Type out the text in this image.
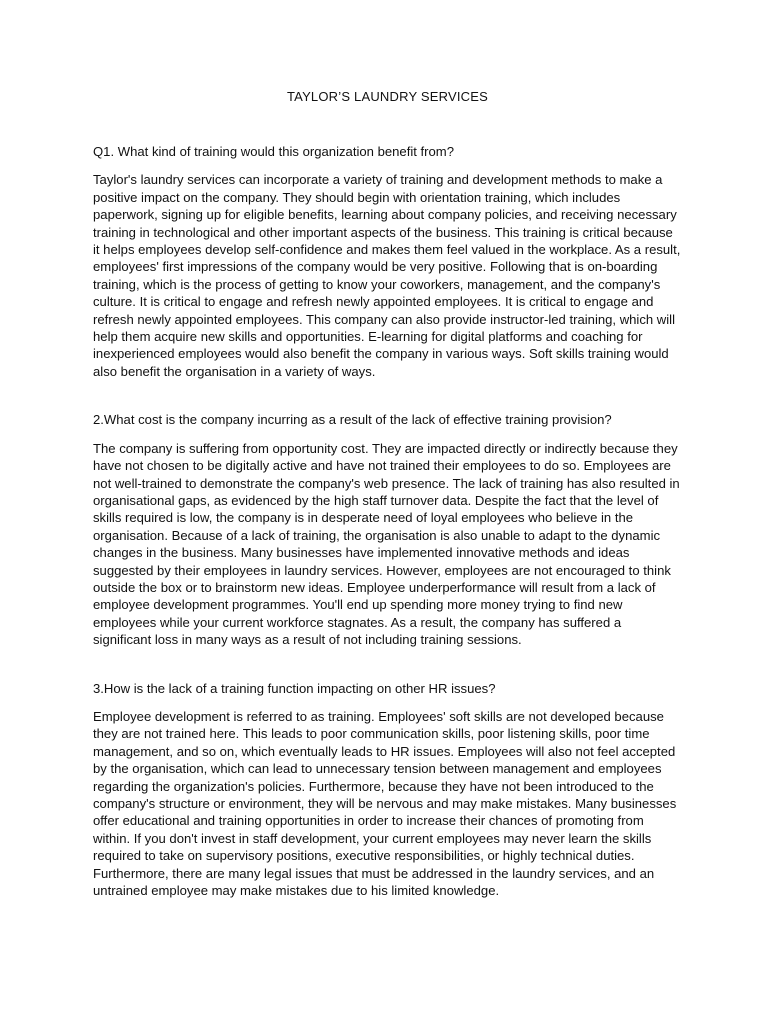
TAYLOR’S LAUNDRY SERVICES

Q1. What kind of training would this organization benefit from?

Taylor's laundry services can incorporate a variety of training and development methods to make a positive impact on the company. They should begin with orientation training, which includes paperwork, signing up for eligible benefits, learning about company policies, and receiving necessary training in technological and other important aspects of the business. This training is critical because it helps employees develop self-confidence and makes them feel valued in the workplace. As a result, employees' first impressions of the company would be very positive. Following that is on-boarding training, which is the process of getting to know your coworkers, management, and the company's culture. It is critical to engage and refresh newly appointed employees. It is critical to engage and refresh newly appointed employees. This company can also provide instructor-led training, which will help them acquire new skills and opportunities. E-learning for digital platforms and coaching for inexperienced employees would also benefit the company in various ways. Soft skills training would also benefit the organisation in a variety of ways.

2.What cost is the company incurring as a result of the lack of effective training provision?

The company is suffering from opportunity cost. They are impacted directly or indirectly because they have not chosen to be digitally active and have not trained their employees to do so. Employees are not well-trained to demonstrate the company's web presence. The lack of training has also resulted in organisational gaps, as evidenced by the high staff turnover data. Despite the fact that the level of skills required is low, the company is in desperate need of loyal employees who believe in the organisation. Because of a lack of training, the organisation is also unable to adapt to the dynamic changes in the business. Many businesses have implemented innovative methods and ideas suggested by their employees in laundry services. However, employees are not encouraged to think outside the box or to brainstorm new ideas. Employee underperformance will result from a lack of employee development programmes. You'll end up spending more money trying to find new employees while your current workforce stagnates. As a result, the company has suffered a significant loss in many ways as a result of not including training sessions.

3.How is the lack of a training function impacting on other HR issues?

Employee development is referred to as training. Employees' soft skills are not developed because they are not trained here. This leads to poor communication skills, poor listening skills, poor time management, and so on, which eventually leads to HR issues. Employees will also not feel accepted by the organisation, which can lead to unnecessary tension between management and employees regarding the organization's policies. Furthermore, because they have not been introduced to the company's structure or environment, they will be nervous and may make mistakes. Many businesses offer educational and training opportunities in order to increase their chances of promoting from within. If you don't invest in staff development, your current employees may never learn the skills required to take on supervisory positions, executive responsibilities, or highly technical duties. Furthermore, there are many legal issues that must be addressed in the laundry services, and an untrained employee may make mistakes due to his limited knowledge.
